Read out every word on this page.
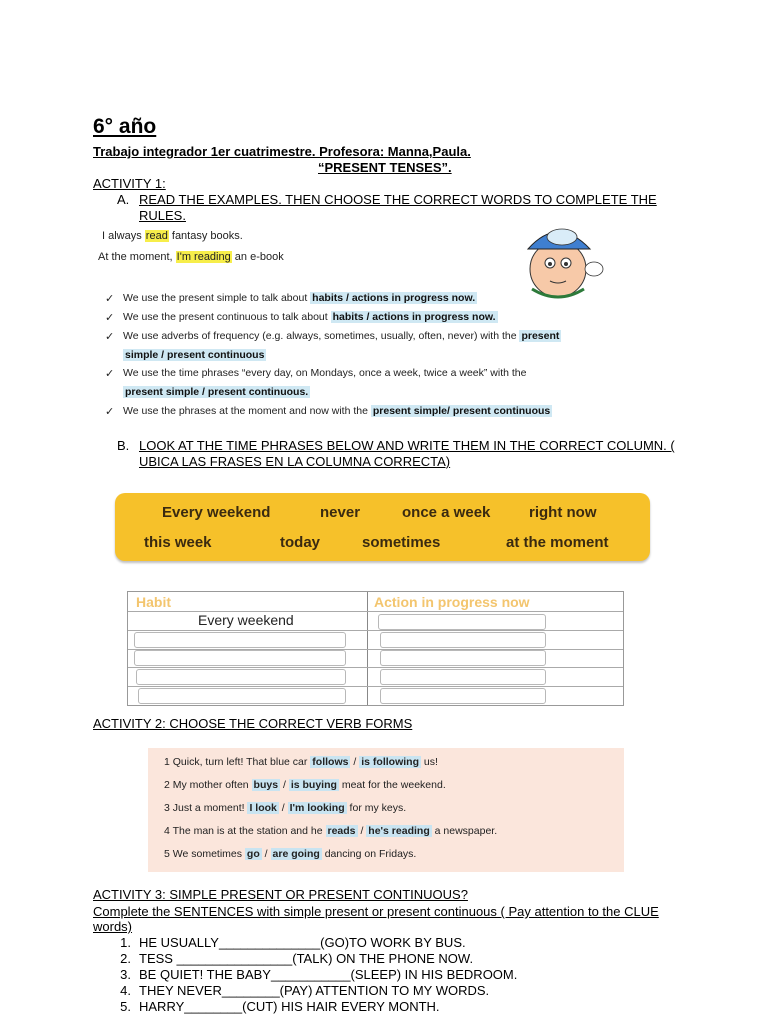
6° año
Trabajo integrador 1er cuatrimestre. Profesora: Manna,Paula.
“PRESENT TENSES”.
ACTIVITY 1:
A. READ THE EXAMPLES. THEN CHOOSE THE CORRECT WORDS TO COMPLETE THE
RULES.
I always read fantasy books.
At the moment, I'm reading an e-book
✓ We use the present simple to talk about habits / actions in progress now.
✓ We use the present continuous to talk about habits / actions in progress now.
✓ We use adverbs of frequency (e.g. always, sometimes, usually, often, never) with the present
simple / present continuous
✓ We use the time phrases “every day, on Mondays, once a week, twice a week” with the
present simple / present continuous.
✓ We use the phrases at the moment and now with the present simple/ present continuous
B. LOOK AT THE TIME PHRASES BELOW AND WRITE THEM IN THE CORRECT COLUMN. (
UBICA LAS FRASES EN LA COLUMNA CORRECTA)
Every weekend	never	once a week	right now
this week	today	sometimes	at the moment
Habit	Action in progress now
Every weekend
ACTIVITY 2: CHOOSE THE CORRECT VERB FORMS
1 Quick, turn left! That blue car follows / is following us!
2 My mother often buys / is buying meat for the weekend.
3 Just a moment! I look / I'm looking for my keys.
4 The man is at the station and he reads / he's reading a newspaper.
5 We sometimes go / are going dancing on Fridays.
ACTIVITY 3: SIMPLE PRESENT OR PRESENT CONTINUOUS?
Complete the SENTENCES with simple present or present continuous ( Pay attention to the CLUE
words)
1. HE USUALLY______________(GO)TO WORK BY BUS.
2. TESS ________________(TALK) ON THE PHONE NOW.
3. BE QUIET! THE BABY___________(SLEEP) IN HIS BEDROOM.
4. THEY NEVER________(PAY) ATTENTION TO MY WORDS.
5. HARRY________(CUT) HIS HAIR EVERY MONTH.
